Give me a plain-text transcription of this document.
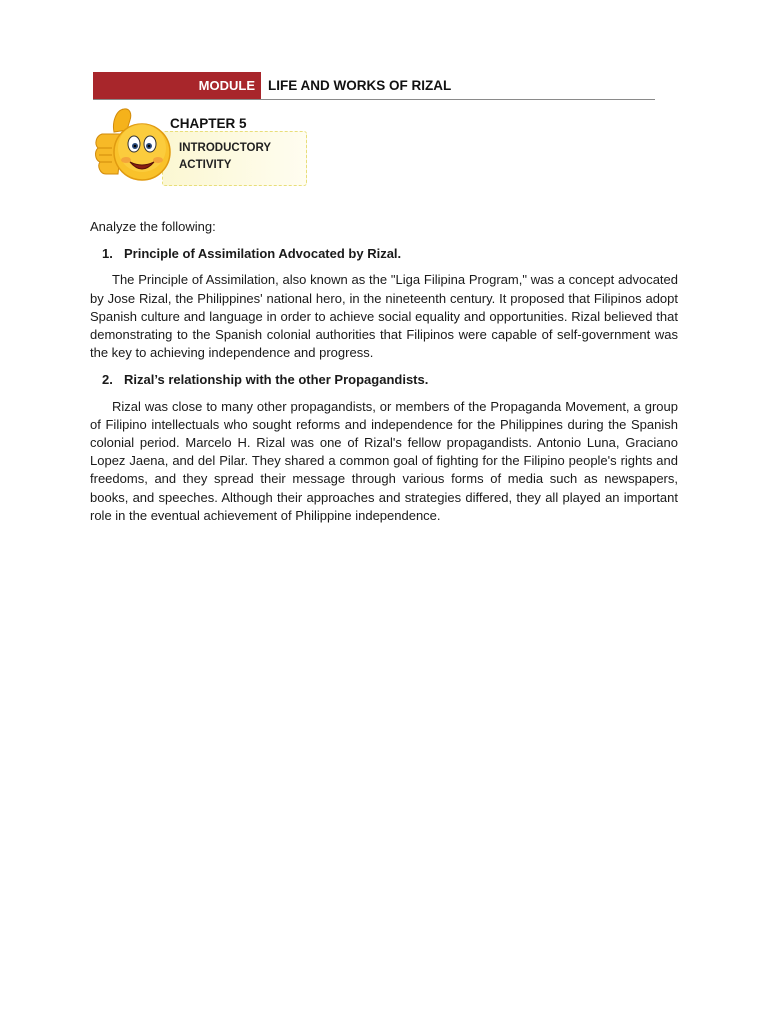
MODULE LIFE AND WORKS OF RIZAL
CHAPTER 5
INTRODUCTORY
ACTIVITY

Analyze the following:

1. Principle of Assimilation Advocated by Rizal.

The Principle of Assimilation, also known as the "Liga Filipina Program," was a concept advocated by Jose Rizal, the Philippines' national hero, in the nineteenth century. It proposed that Filipinos adopt Spanish culture and language in order to achieve social equality and opportunities. Rizal believed that demonstrating to the Spanish colonial authorities that Filipinos were capable of self-government was the key to achieving independence and progress.

2. Rizal’s relationship with the other Propagandists.

Rizal was close to many other propagandists, or members of the Propaganda Movement, a group of Filipino intellectuals who sought reforms and independence for the Philippines during the Spanish colonial period. Marcelo H. Rizal was one of Rizal's fellow propagandists. Antonio Luna, Graciano Lopez Jaena, and del Pilar. They shared a common goal of fighting for the Filipino people's rights and freedoms, and they spread their message through various forms of media such as newspapers, books, and speeches. Although their approaches and strategies differed, they all played an important role in the eventual achievement of Philippine independence.
